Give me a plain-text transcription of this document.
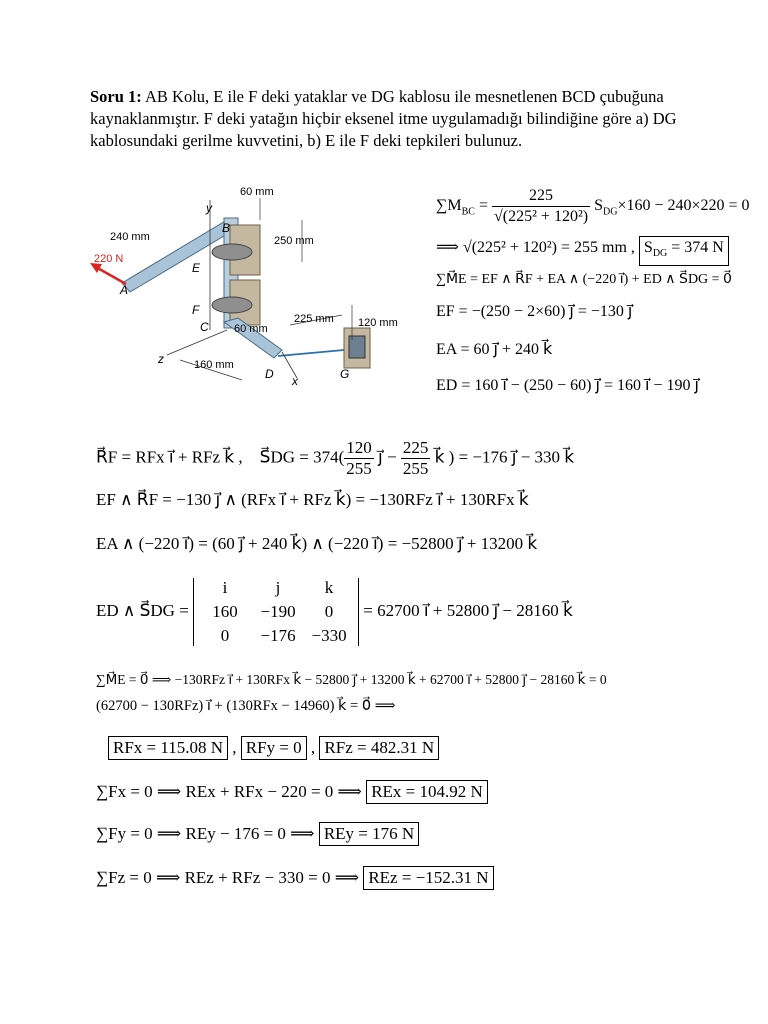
Soru 1: AB Kolu, E ile F deki yataklar ve DG kablosu ile mesnetlenen BCD çubuğuna kaynaklanmıştır. F deki yatağın hiçbir eksenel itme uygulamadığı bilindiğine göre a) DG kablosundaki gerilme kuvvetini, b) E ile F deki tepkileri bulunuz.
60 mm
240 mm	250 mm
220 N
225 mm 120 mm
60 mm
160 mm
y
B
E
A
F
C
z
D x	G
$\sum M_{BC} = \frac{225}{\text{√(225² + 120²)}} S_{DG}\times 160 - 240\times 220 = 0$
⟹ √(225² + 120²) = 255 mm , $S_{DG} = 374$ N
∑M⃗E = EF ∧ R⃗F + EA ∧ (−220 i⃗) + ED ∧ S⃗DG = 0⃗
EF = −(250 − 2×60) j⃗ = −130 j⃗
EA = 60 j⃗ + 240 k⃗
ED = 160 i⃗ − (250 − 60) j⃗ = 160 i⃗ − 190 j⃗
R⃗F = RFx i⃗ + RFz k⃗ , S⃗DG = $374( \frac{120}{255}$ j⃗ − $\frac{225}{255}$ k⃗ ) = −176 j⃗ − 330 k⃗
EF ∧ R⃗F = −130 j⃗ ∧ (RFx i⃗ + RFz k⃗) = −130RFz i⃗ + 130RFx k⃗
EA ∧ (−220 i⃗) = (60 j⃗ + 240 k⃗) ∧ (−220 i⃗) = −52800 j⃗ + 13200 k⃗
ED ∧ S⃗DG =
i	j	k
160	−190	0
0	−176 −330
= 62700 i⃗ + 52800 j⃗ − 28160 k⃗
∑M⃗E = 0⃗ ⟹ −130RFz i⃗ + 130RFx k⃗ − 52800 j⃗ + 13200 k⃗ + 62700 i⃗ + 52800 j⃗ − 28160 k⃗ = 0
(62700 − 130RFz) i⃗ + (130RFx − 14960) k⃗ = 0⃗ ⟹
RFx = 115.08 N , RFy = 0 , RFz = 482.31 N
∑Fx = 0 ⟹ REx + RFx − 220 = 0 ⟹ REx = 104.92 N
∑Fy = 0 ⟹ REy − 176 = 0 ⟹ REy = 176 N
∑Fz = 0 ⟹ REz + RFz − 330 = 0 ⟹ REz = −152.31 N
